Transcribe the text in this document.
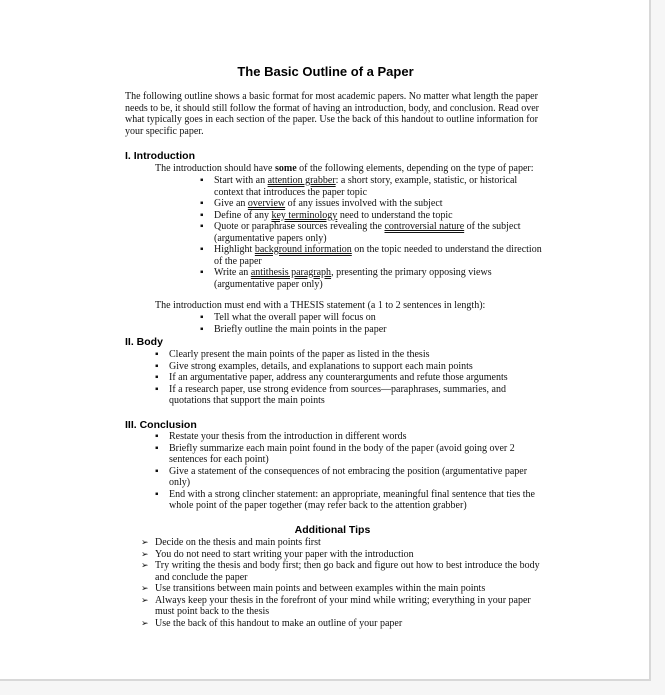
The Basic Outline of a Paper
The following outline shows a basic format for most academic papers. No matter what length the paper needs to be, it should still follow the format of having an introduction, body, and conclusion. Read over what typically goes in each section of the paper. Use the back of this handout to outline information for your specific paper.
I. Introduction
The introduction should have some of the following elements, depending on the type of paper:
▪ Start with an attention grabber: a short story, example, statistic, or historical context that introduces the paper topic
▪ Give an overview of any issues involved with the subject
▪ Define of any key terminology need to understand the topic
▪ Quote or paraphrase sources revealing the controversial nature of the subject (argumentative papers only)
▪ Highlight background information on the topic needed to understand the direction of the paper
▪ Write an antithesis paragraph, presenting the primary opposing views (argumentative paper only)
The introduction must end with a THESIS statement (a 1 to 2 sentences in length):
▪ Tell what the overall paper will focus on
▪ Briefly outline the main points in the paper
II. Body
▪ Clearly present the main points of the paper as listed in the thesis
▪ Give strong examples, details, and explanations to support each main points
▪ If an argumentative paper, address any counterarguments and refute those arguments
▪ If a research paper, use strong evidence from sources—paraphrases, summaries, and quotations that support the main points
III. Conclusion
▪ Restate your thesis from the introduction in different words
▪ Briefly summarize each main point found in the body of the paper (avoid going over 2 sentences for each point)
▪ Give a statement of the consequences of not embracing the position (argumentative paper only)
▪ End with a strong clincher statement: an appropriate, meaningful final sentence that ties the whole point of the paper together (may refer back to the attention grabber)
Additional Tips
➢ Decide on the thesis and main points first
➢ You do not need to start writing your paper with the introduction
➢ Try writing the thesis and body first; then go back and figure out how to best introduce the body and conclude the paper
➢ Use transitions between main points and between examples within the main points
➢ Always keep your thesis in the forefront of your mind while writing; everything in your paper must point back to the thesis
➢ Use the back of this handout to make an outline of your paper
